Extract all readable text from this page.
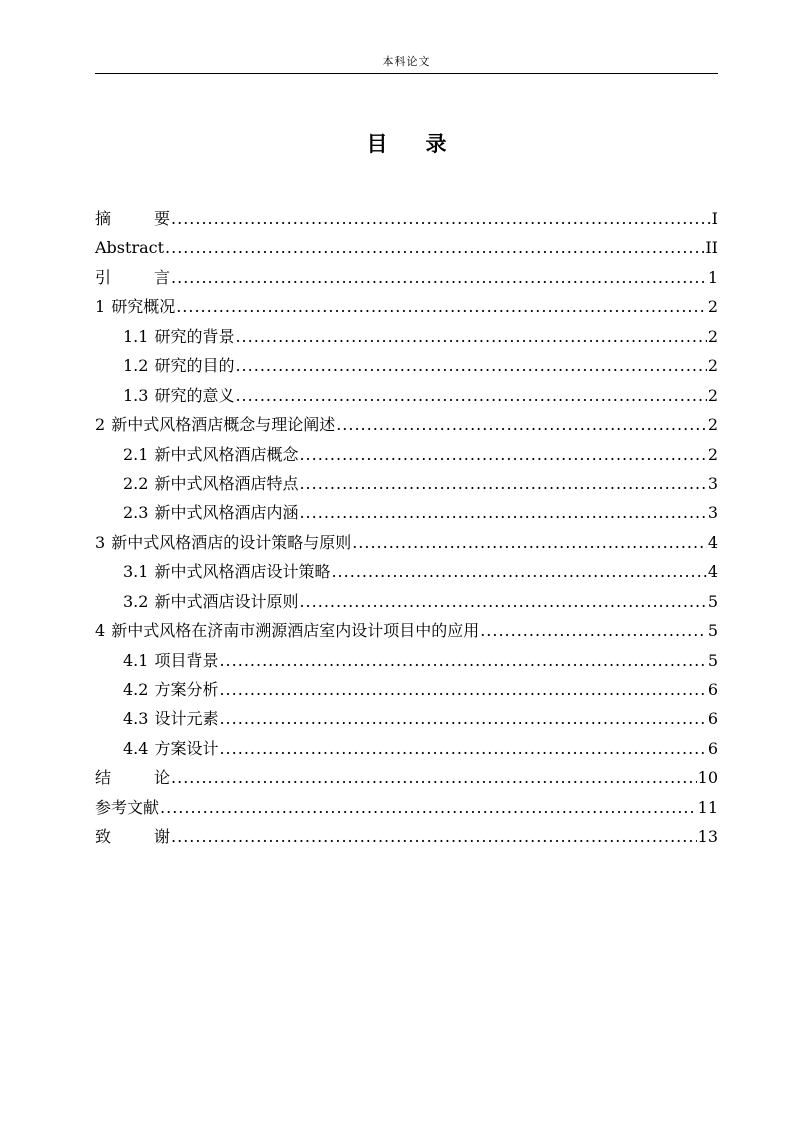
本科论文
目 录
摘	要 .....	I
Abstract .....	II
引	言 .....	1
1 研究概况 .....	2
1.1 研究的背景 .....	2
1.2 研究的目的 .....	2
1.3 研究的意义 .....	2
2 新中式风格酒店概念与理论阐述 .....	2
2.1 新中式风格酒店概念 .....	2
2.2 新中式风格酒店特点 .....	3
2.3 新中式风格酒店内涵 .....	3
3 新中式风格酒店的设计策略与原则 .....	4
3.1 新中式风格酒店设计策略 .....	4
3.2 新中式酒店设计原则 .....	5
4 新中式风格在济南市溯源酒店室内设计项目中的应用 .....	5
4.1 项目背景 .....	5
4.2 方案分析 .....	6
4.3 设计元素 .....	6
4.4 方案设计 .....	6
结	论 .....	10
参考文献 .....	11
致	谢 .....	13
